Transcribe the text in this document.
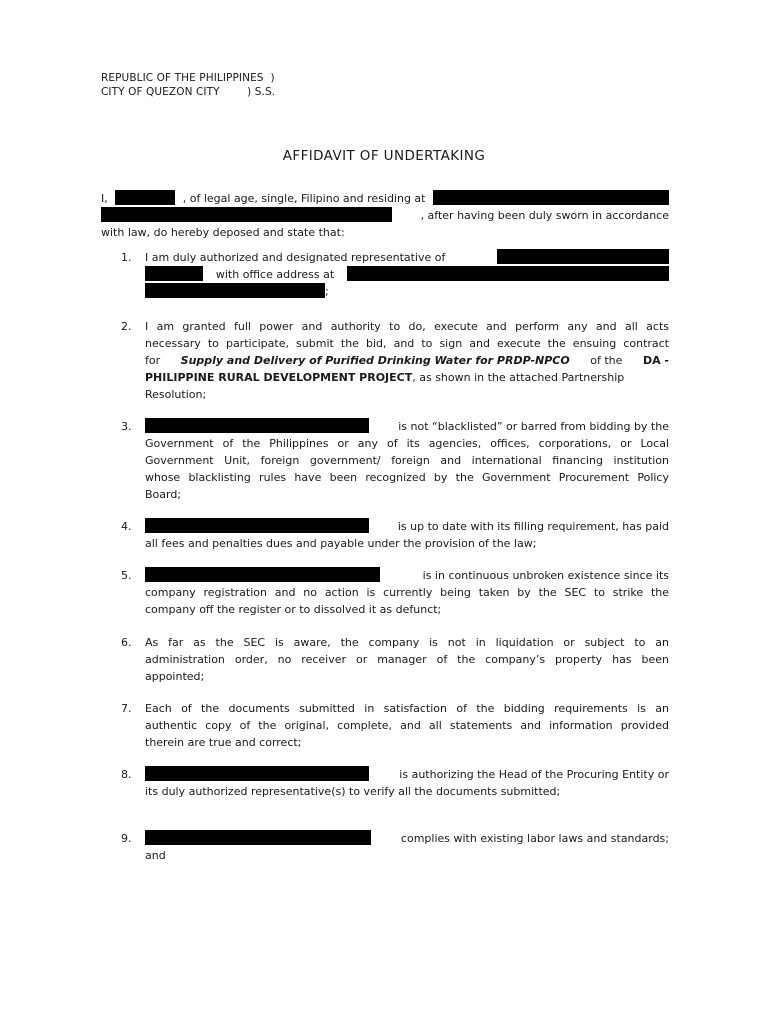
REPUBLIC OF THE PHILIPPINES  )
CITY OF QUEZON CITY        ) S.S.
AFFIDAVIT OF UNDERTAKING
I,	, of legal age, single, Filipino and residing at
, after having been duly sworn in accordance
with law, do hereby deposed and state that:
1. I am duly authorized and designated representative of
with office address at
;
2. I am granted full power and authority to do, execute and perform any and all acts
necessary to participate, submit the bid, and to sign and execute the ensuing contract
for Supply and Delivery of Purified Drinking Water for PRDP-NPCO of the DA -
PHILIPPINE RURAL DEVELOPMENT PROJECT, as shown in the attached Partnership
Resolution;
3.	is not “blacklisted” or barred from bidding by the
Government of the Philippines or any of its agencies, offices, corporations, or Local
Government Unit, foreign government/ foreign and international financing institution
whose blacklisting rules have been recognized by the Government Procurement Policy
Board;
4.	is up to date with its filling requirement, has paid
all fees and penalties dues and payable under the provision of the law;
5.	is in continuous unbroken existence since its
company registration and no action is currently being taken by the SEC to strike the
company off the register or to dissolved it as defunct;
6. As far as the SEC is aware, the company is not in liquidation or subject to an
administration order, no receiver or manager of the company’s property has been
appointed;
7. Each of the documents submitted in satisfaction of the bidding requirements is an
authentic copy of the original, complete, and all statements and information provided
therein are true and correct;
8.	is authorizing the Head of the Procuring Entity or
its duly authorized representative(s) to verify all the documents submitted;
9.	complies with existing labor laws and standards;
and
